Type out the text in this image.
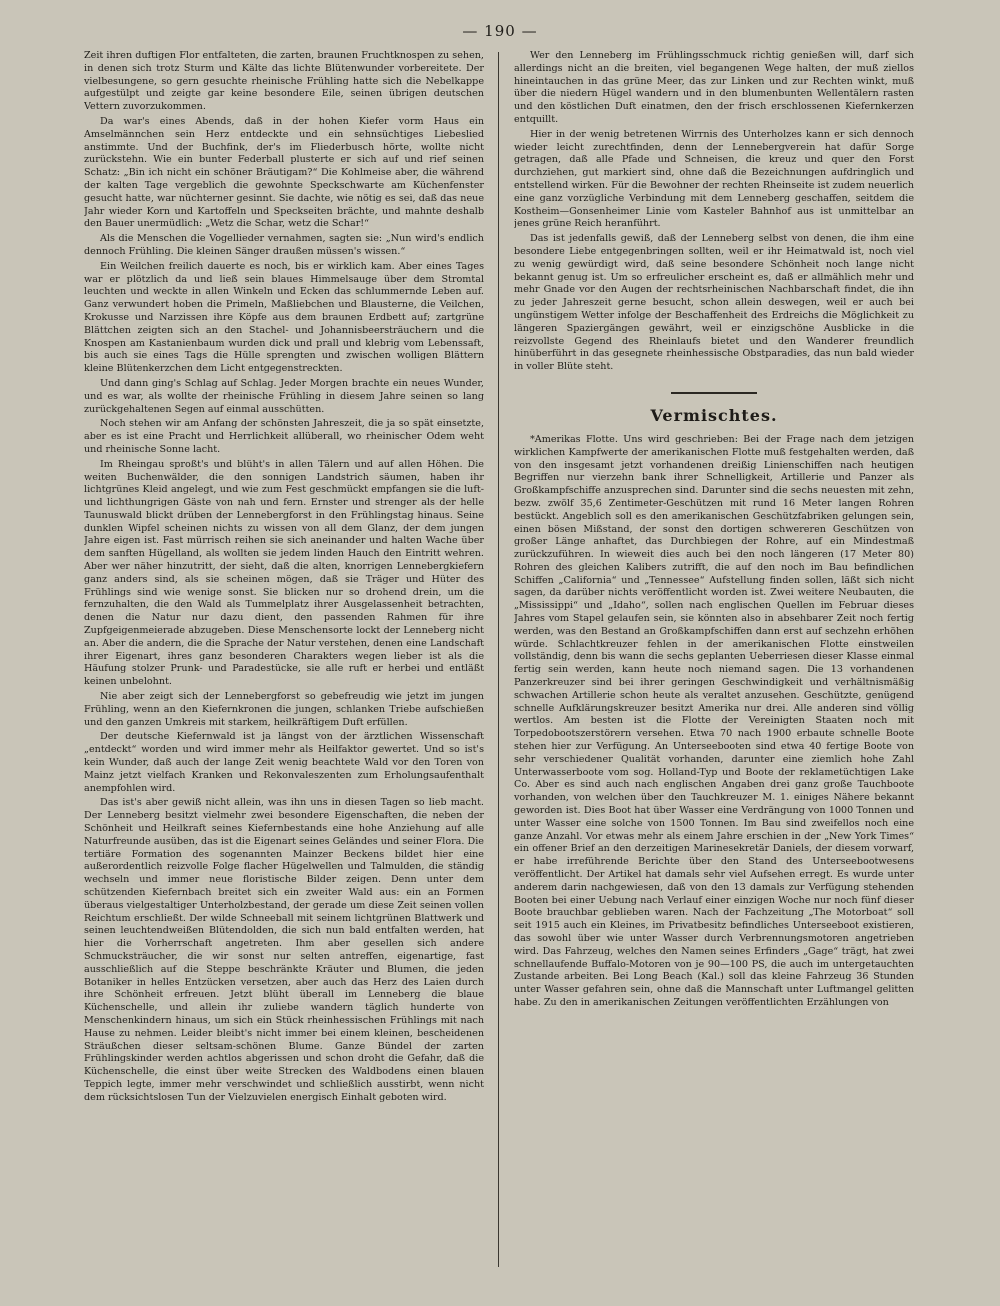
— 190 —

Zeit ihren duftigen Flor entfalteten, die zarten, braunen Fruchtknospen zu sehen, in denen sich trotz Sturm und Kälte das lichte Blütenwunder vorbereitete. Der vielbesungene, so gern gesuchte rheinische Frühling hatte sich die Nebelkappe aufgestülpt und zeigte gar keine besondere Eile, seinen übrigen deutschen Vettern zuvorzukommen.

Da war's eines Abends, daß in der hohen Kiefer vorm Haus ein Amselmännchen sein Herz entdeckte und ein sehnsüchtiges Liebeslied anstimmte. Und der Buchfink, der's im Fliederbusch hörte, wollte nicht zurückstehn. Wie ein bunter Federball plusterte er sich auf und rief seinen Schatz: „Bin ich nicht ein schöner Bräutigam?“ Die Kohlmeise aber, die während der kalten Tage vergeblich die gewohnte Speckschwarte am Küchenfenster gesucht hatte, war nüchterner gesinnt. Sie dachte, wie nötig es sei, daß das neue Jahr wieder Korn und Kartoffeln und Speckseiten brächte, und mahnte deshalb den Bauer unermüdlich: „Wetz die Schar, wetz die Schar!“

Als die Menschen die Vogellieder vernahmen, sagten sie: „Nun wird's endlich dennoch Frühling. Die kleinen Sänger draußen müssen's wissen.“

Ein Weilchen freilich dauerte es noch, bis er wirklich kam. Aber eines Tages war er plötzlich da und ließ sein blaues Himmelsauge über dem Stromtal leuchten und weckte in allen Winkeln und Ecken das schlummernde Leben auf. Ganz verwundert hoben die Primeln, Maßliebchen und Blausterne, die Veilchen, Krokusse und Narzissen ihre Köpfe aus dem braunen Erdbett auf; zartgrüne Blättchen zeigten sich an den Stachel- und Johannisbeersträuchern und die Knospen am Kastanienbaum wurden dick und prall und klebrig vom Lebenssaft, bis auch sie eines Tags die Hülle sprengten und zwischen wolligen Blättern kleine Blütenkerzchen dem Licht entgegenstreckten.

Und dann ging's Schlag auf Schlag. Jeder Morgen brachte ein neues Wunder, und es war, als wollte der rheinische Frühling in diesem Jahre seinen so lang zurückgehaltenen Segen auf einmal ausschütten.

Noch stehen wir am Anfang der schönsten Jahreszeit, die ja so spät einsetzte, aber es ist eine Pracht und Herrlichkeit allüberall, wo rheinischer Odem weht und rheinische Sonne lacht.

Im Rheingau sproßt's und blüht's in allen Tälern und auf allen Höhen. Die weiten Buchenwälder, die den sonnigen Landstrich säumen, haben ihr lichtgrünes Kleid angelegt, und wie zum Fest geschmückt empfangen sie die luft- und lichthungrigen Gäste von nah und fern. Ernster und strenger als der helle Taunuswald blickt drüben der Lennebergforst in den Frühlingstag hinaus. Seine dunklen Wipfel scheinen nichts zu wissen von all dem Glanz, der dem jungen Jahre eigen ist. Fast mürrisch reihen sie sich aneinander und halten Wache über dem sanften Hügelland, als wollten sie jedem linden Hauch den Eintritt wehren. Aber wer näher hinzutritt, der sieht, daß die alten, knorrigen Lennebergkiefern ganz anders sind, als sie scheinen mögen, daß sie Träger und Hüter des Frühlings sind wie wenige sonst. Sie blicken nur so drohend drein, um die fernzuhalten, die den Wald als Tummelplatz ihrer Ausgelassenheit betrachten, denen die Natur nur dazu dient, den passenden Rahmen für ihre Zupfgeigenmeierade abzugeben. Diese Menschensorte lockt der Lenneberg nicht an. Aber die andern, die die Sprache der Natur verstehen, denen eine Landschaft ihrer Eigenart, ihres ganz besonderen Charakters wegen lieber ist als die Häufung stolzer Prunk- und Paradestücke, sie alle ruft er herbei und entläßt keinen unbelohnt.

Nie aber zeigt sich der Lennebergforst so gebefreudig wie jetzt im jungen Frühling, wenn an den Kiefernkronen die jungen, schlanken Triebe aufschießen und den ganzen Umkreis mit starkem, heilkräftigem Duft erfüllen.

Der deutsche Kiefernwald ist ja längst von der ärztlichen Wissenschaft „entdeckt“ worden und wird immer mehr als Heilfaktor gewertet. Und so ist's kein Wunder, daß auch der lange Zeit wenig beachtete Wald vor den Toren von Mainz jetzt vielfach Kranken und Rekonvaleszenten zum Erholungsaufenthalt anempfohlen wird.

Das ist's aber gewiß nicht allein, was ihn uns in diesen Tagen so lieb macht. Der Lenneberg besitzt vielmehr zwei besondere Eigenschaften, die neben der Schönheit und Heilkraft seines Kiefernbestands eine hohe Anziehung auf alle Naturfreunde ausüben, das ist die Eigenart seines Geländes und seiner Flora. Die tertiäre Formation des sogenannten Mainzer Beckens bildet hier eine außerordentlich reizvolle Folge flacher Hügelwellen und Talmulden, die ständig wechseln und immer neue floristische Bilder zeigen. Denn unter dem schützenden Kiefernbach breitet sich ein zweiter Wald aus: ein an Formen überaus vielgestaltiger Unterholzbestand, der gerade um diese Zeit seinen vollen Reichtum erschließt. Der wilde Schneeball mit seinem lichtgrünen Blattwerk und seinen leuchtendweißen Blütendolden, die sich nun bald entfalten werden, hat hier die Vorherrschaft angetreten. Ihm aber gesellen sich andere Schmucksträucher, die wir sonst nur selten antreffen, eigenartige, fast ausschließlich auf die Steppe beschränkte Kräuter und Blumen, die jeden Botaniker in helles Entzücken versetzen, aber auch das Herz des Laien durch ihre Schönheit erfreuen. Jetzt blüht überall im Lenneberg die blaue Küchenschelle, und allein ihr zuliebe wandern täglich hunderte von Menschenkindern hinaus, um sich ein Stück rheinhessischen Frühlings mit nach Hause zu nehmen. Leider bleibt's nicht immer bei einem kleinen, bescheidenen Sträußchen dieser seltsam-schönen Blume. Ganze Bündel der zarten Frühlingskinder werden achtlos abgerissen und schon droht die Gefahr, daß die Küchenschelle, die einst über weite Strecken des Waldbodens einen blauen Teppich legte, immer mehr verschwindet und schließlich ausstirbt, wenn nicht dem rücksichtslosen Tun der Vielzuvielen energisch Einhalt geboten wird.

Wer den Lenneberg im Frühlingsschmuck richtig genießen will, darf sich allerdings nicht an die breiten, viel begangenen Wege halten, der muß ziellos hineintauchen in das grüne Meer, das zur Linken und zur Rechten winkt, muß über die niedern Hügel wandern und in den blumenbunten Wellentälern rasten und den köstlichen Duft einatmen, den der frisch erschlossenen Kiefernkerzen entquillt.

Hier in der wenig betretenen Wirrnis des Unterholzes kann er sich dennoch wieder leicht zurechtfinden, denn der Lennebergverein hat dafür Sorge getragen, daß alle Pfade und Schneisen, die kreuz und quer den Forst durchziehen, gut markiert sind, ohne daß die Bezeichnungen aufdringlich und entstellend wirken. Für die Bewohner der rechten Rheinseite ist zudem neuerlich eine ganz vorzügliche Verbindung mit dem Lenneberg geschaffen, seitdem die Kostheim—Gonsenheimer Linie vom Kasteler Bahnhof aus ist unmittelbar an jenes grüne Reich heranführt.

Das ist jedenfalls gewiß, daß der Lenneberg selbst von denen, die ihm eine besondere Liebe entgegenbringen sollten, weil er ihr Heimatwald ist, noch viel zu wenig gewürdigt wird, daß seine besondere Schönheit noch lange nicht bekannt genug ist. Um so erfreulicher erscheint es, daß er allmählich mehr und mehr Gnade vor den Augen der rechtsrheinischen Nachbarschaft findet, die ihn zu jeder Jahreszeit gerne besucht, schon allein deswegen, weil er auch bei ungünstigem Wetter infolge der Beschaffenheit des Erdreichs die Möglichkeit zu längeren Spaziergängen gewährt, weil er einzigschöne Ausblicke in die reizvollste Gegend des Rheinlaufs bietet und den Wanderer freundlich hinüberführt in das gesegnete rheinhessische Obstparadies, das nun bald wieder in voller Blüte steht.

Vermischtes.

*Amerikas Flotte. Uns wird geschrieben: Bei der Frage nach dem jetzigen wirklichen Kampfwerte der amerikanischen Flotte muß festgehalten werden, daß von den insgesamt jetzt vorhandenen dreißig Linienschiffen nach heutigen Begriffen nur vierzehn bank ihrer Schnelligkeit, Artillerie und Panzer als Großkampfschiffe anzusprechen sind. Darunter sind die sechs neuesten mit zehn, bezw. zwölf 35,6 Zentimeter-Geschützen mit rund 16 Meter langen Rohren bestückt. Angeblich soll es den amerikanischen Geschützfabriken gelungen sein, einen bösen Mißstand, der sonst den dortigen schwereren Geschützen von großer Länge anhaftet, das Durchbiegen der Rohre, auf ein Mindestmaß zurückzuführen. In wieweit dies auch bei den noch längeren (17 Meter 80) Rohren des gleichen Kalibers zutrifft, die auf den noch im Bau befindlichen Schiffen „California“ und „Tennessee“ Aufstellung finden sollen, läßt sich nicht sagen, da darüber nichts veröffentlicht worden ist. Zwei weitere Neubauten, die „Mississippi“ und „Idaho“, sollen nach englischen Quellen im Februar dieses Jahres vom Stapel gelaufen sein, sie könnten also in absehbarer Zeit noch fertig werden, was den Bestand an Großkampfschiffen dann erst auf sechzehn erhöhen würde. Schlachtkreuzer fehlen in der amerikanischen Flotte einstweilen vollständig, denn bis wann die sechs geplanten Ueberriesen dieser Klasse einmal fertig sein werden, kann heute noch niemand sagen. Die 13 vorhandenen Panzerkreuzer sind bei ihrer geringen Geschwindigkeit und verhältnismäßig schwachen Artillerie schon heute als veraltet anzusehen. Geschützte, genügend schnelle Aufklärungskreuzer besitzt Amerika nur drei. Alle anderen sind völlig wertlos. Am besten ist die Flotte der Vereinigten Staaten noch mit Torpedobootszerstörern versehen. Etwa 70 nach 1900 erbaute schnelle Boote stehen hier zur Verfügung. An Unterseebooten sind etwa 40 fertige Boote von sehr verschiedener Qualität vorhanden, darunter eine ziemlich hohe Zahl Unterwasserboote vom sog. Holland-Typ und Boote der reklametüchtigen Lake Co. Aber es sind auch nach englischen Angaben drei ganz große Tauchboote vorhanden, von welchen über den Tauchkreuzer M. 1. einiges Nähere bekannt geworden ist. Dies Boot hat über Wasser eine Verdrängung von 1000 Tonnen und unter Wasser eine solche von 1500 Tonnen. Im Bau sind zweifellos noch eine ganze Anzahl. Vor etwas mehr als einem Jahre erschien in der „New York Times“ ein offener Brief an den derzeitigen Marinesekretär Daniels, der diesem vorwarf, er habe irreführende Berichte über den Stand des Unterseebootwesens veröffentlicht. Der Artikel hat damals sehr viel Aufsehen erregt. Es wurde unter anderem darin nachgewiesen, daß von den 13 damals zur Verfügung stehenden Booten bei einer Uebung nach Verlauf einer einzigen Woche nur noch fünf dieser Boote brauchbar geblieben waren. Nach der Fachzeitung „The Motorboat“ soll seit 1915 auch ein Kleines, im Privatbesitz befindliches Unterseeboot existieren, das sowohl über wie unter Wasser durch Verbrennungsmotoren angetrieben wird. Das Fahrzeug, welches den Namen seines Erfinders „Gage“ trägt, hat zwei schnellaufende Buffalo-Motoren von je 90—100 PS, die auch im untergetauchten Zustande arbeiten. Bei Long Beach (Kal.) soll das kleine Fahrzeug 36 Stunden unter Wasser gefahren sein, ohne daß die Mannschaft unter Luftmangel gelitten habe. Zu den in amerikanischen Zeitungen veröffentlichten Erzählungen von
